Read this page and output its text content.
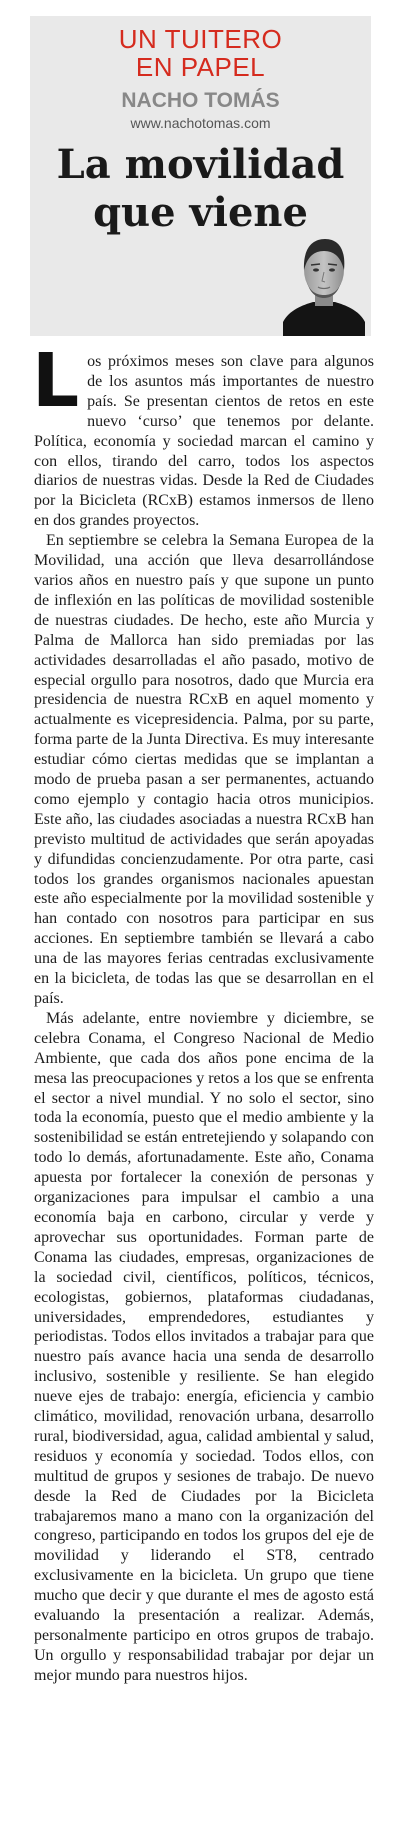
UN TUITERO

EN PAPEL

NACHO TOMÁS

www.nachotomas.com

La movilidad
que viene

Los próximos meses son clave para algunos de los asuntos más importantes de nuestro país. Se presentan cientos de retos en este nuevo ‘curso’ que tenemos por delante. Política, economía y sociedad marcan el camino y con ellos, tirando del carro, todos los aspectos diarios de nuestras vidas. Desde la Red de Ciudades por la Bicicleta (RCxB) estamos inmersos de lleno en dos grandes proyectos.

En septiembre se celebra la Semana Europea de la Movilidad, una acción que lleva desarrollándose varios años en nuestro país y que supone un punto de inflexión en las políticas de movilidad sostenible de nuestras ciudades. De hecho, este año Murcia y Palma de Mallorca han sido premiadas por las actividades desarrolladas el año pasado, motivo de especial orgullo para nosotros, dado que Murcia era presidencia de nuestra RCxB en aquel momento y actualmente es vicepresidencia. Palma, por su parte, forma parte de la Junta Directiva. Es muy interesante estudiar cómo ciertas medidas que se implantan a modo de prueba pasan a ser permanentes, actuando como ejemplo y contagio hacia otros municipios. Este año, las ciudades asociadas a nuestra RCxB han previsto multitud de actividades que serán apoyadas y difundidas concienzudamente. Por otra parte, casi todos los grandes organismos nacionales apuestan este año especialmente por la movilidad sostenible y han contado con nosotros para participar en sus acciones. En septiembre también se llevará a cabo una de las mayores ferias centradas exclusivamente en la bicicleta, de todas las que se desarrollan en el país.

Más adelante, entre noviembre y diciembre, se celebra Conama, el Congreso Nacional de Medio Ambiente, que cada dos años pone encima de la mesa las preocupaciones y retos a los que se enfrenta el sector a nivel mundial. Y no solo el sector, sino toda la economía, puesto que el medio ambiente y la sostenibilidad se están entretejiendo y solapando con todo lo demás, afortunadamente. Este año, Conama apuesta por fortalecer la conexión de personas y organizaciones para impulsar el cambio a una economía baja en carbono, circular y verde y aprovechar sus oportunidades. Forman parte de Conama las ciudades, empresas, organizaciones de la sociedad civil, científicos, políticos, técnicos, ecologistas, gobiernos, plataformas ciudadanas, universidades, emprendedores, estudiantes y periodistas. Todos ellos invitados a trabajar para que nuestro país avance hacia una senda de desarrollo inclusivo, sostenible y resiliente. Se han elegido nueve ejes de trabajo: energía, eficiencia y cambio climático, movilidad, renovación urbana, desarrollo rural, biodiversidad, agua, calidad ambiental y salud, residuos y economía y sociedad. Todos ellos, con multitud de grupos y sesiones de trabajo. De nuevo desde la Red de Ciudades por la Bicicleta trabajaremos mano a mano con la organización del congreso, participando en todos los grupos del eje de movilidad y liderando el ST8, centrado exclusivamente en la bicicleta. Un grupo que tiene mucho que decir y que durante el mes de agosto está evaluando la presentación a realizar. Además, personalmente participo en otros grupos de trabajo. Un orgullo y responsabilidad trabajar por dejar un mejor mundo para nuestros hijos.
